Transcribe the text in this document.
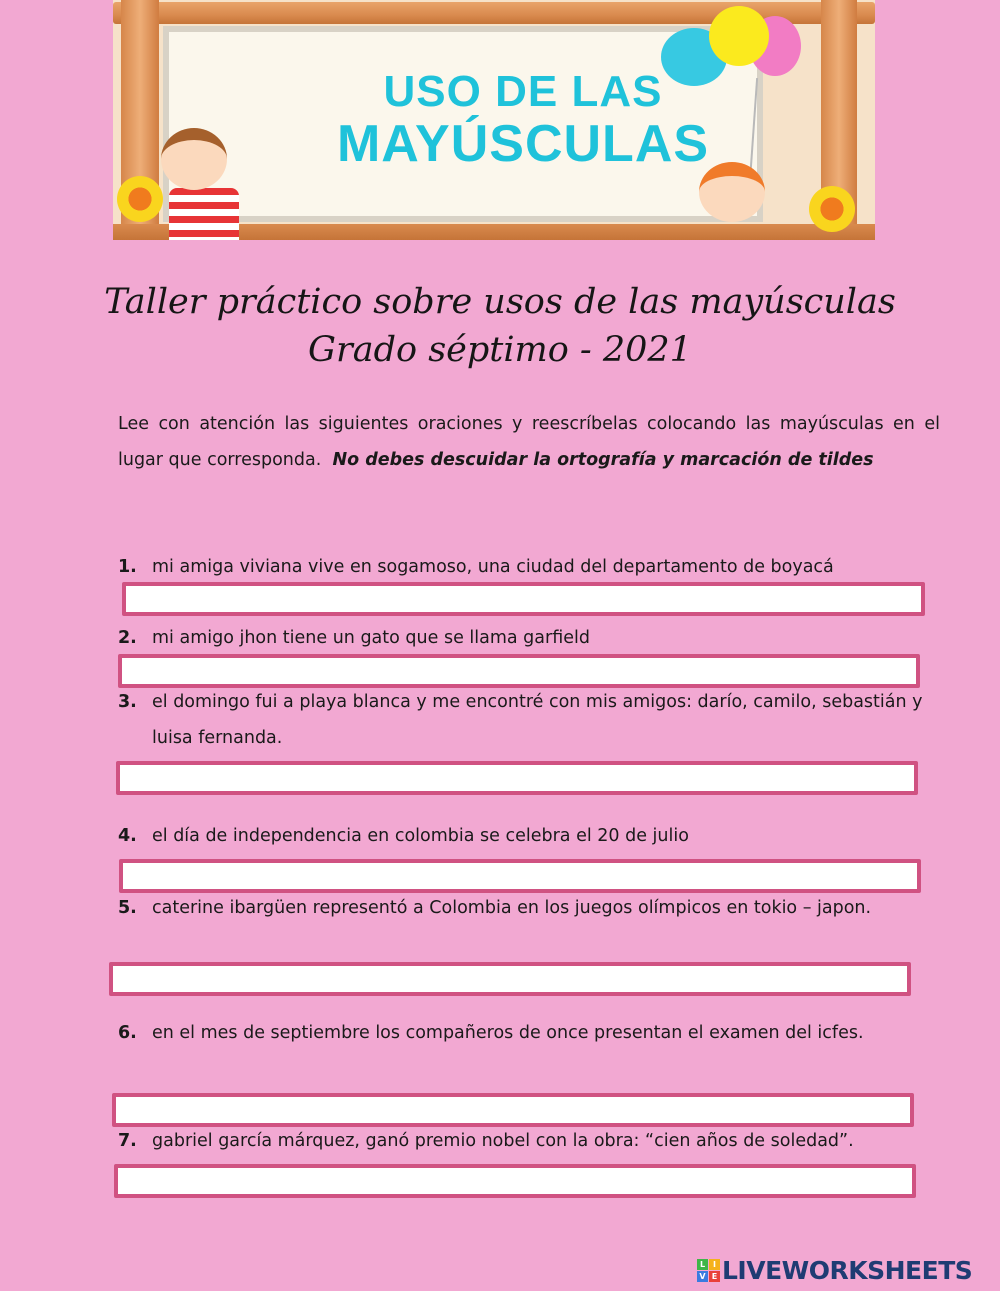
USO DE LAS
MAYÚSCULAS
Taller práctico sobre usos de las mayúsculas
Grado séptimo - 2021
Lee con atención las siguientes oraciones y reescríbelas colocando las mayúsculas en el lugar que corresponda. No debes descuidar la ortografía y marcación de tildes
1. mi amiga viviana vive en sogamoso, una ciudad del departamento de boyacá
2. mi amigo jhon tiene un gato que se llama garfield
3. el domingo fui a playa blanca y me encontré con mis amigos: darío, camilo, sebastián y luisa fernanda.
4. el día de independencia en colombia se celebra el 20 de julio
5. caterine ibargüen representó a Colombia en los juegos olímpicos en tokio – japon.
6. en el mes de septiembre los compañeros de once presentan el examen del icfes.
7. gabriel garcía márquez, ganó premio nobel con la obra: “cien años de soledad”.
L I
V E LIVEWORKSHEETS
